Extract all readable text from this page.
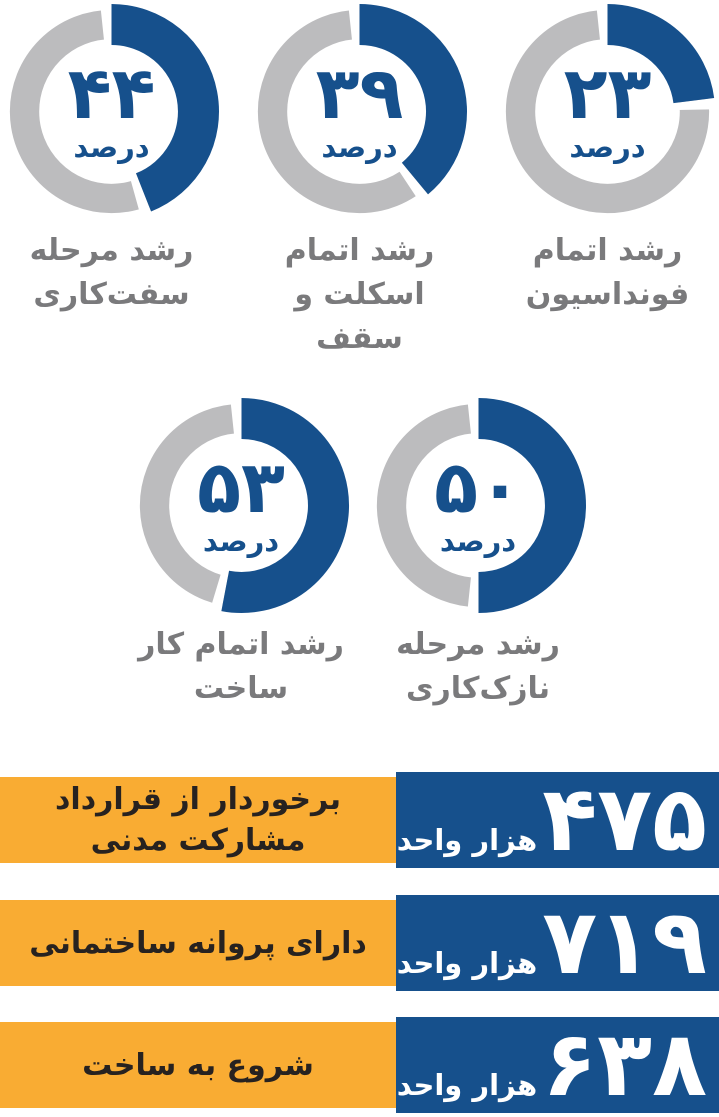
۲۳
درصد
رشد اتمام
فونداسیون
۳۹
درصد
رشد اتمام
اسکلت و
سقف
۴۴
درصد
رشد مرحله
سفت‌کاری
۵۰
درصد
رشد مرحله
نازک‌کاری
۵۳
درصد
رشد اتمام کار
ساخت
برخوردار از قرارداد
مشارکت مدنی	۴۷۵
هزار واحد
دارای پروانه ساختمانی ۷۱۹
هزار واحد
شروع به ساخت	۶۳۸
هزار واحد
